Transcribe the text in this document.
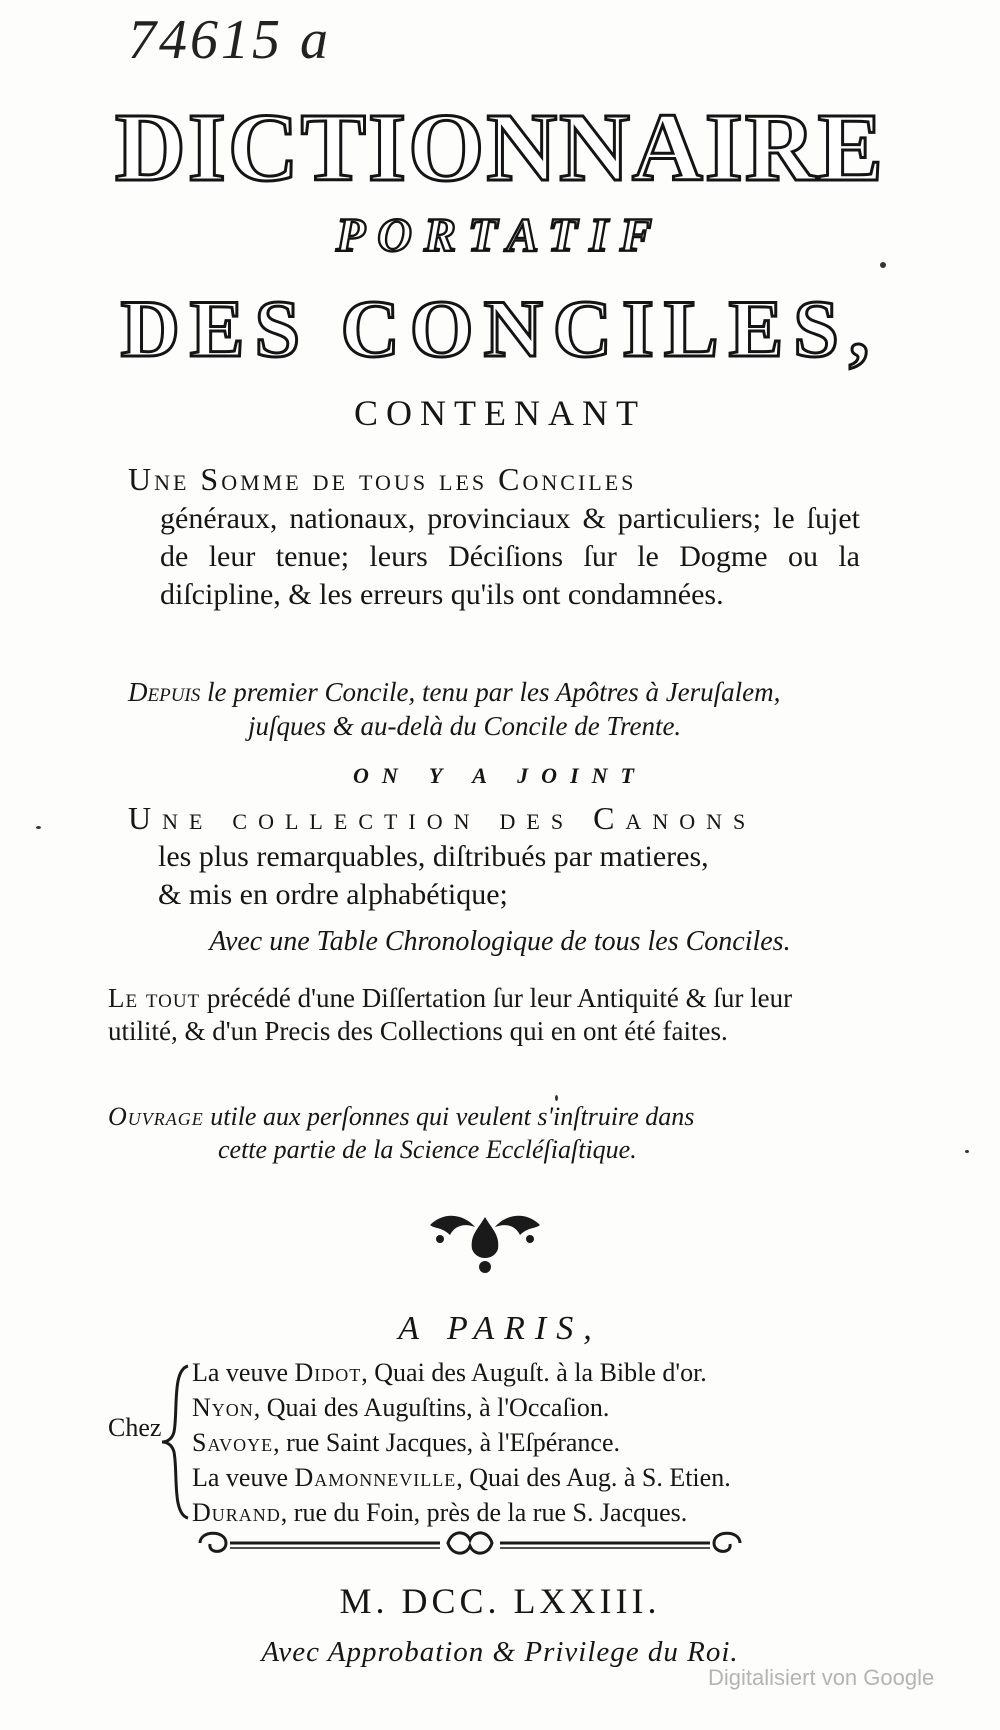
74615 a
DICTIONNAIRE
PORTATIF
DES CONCILES,
CONTENANT
Une Somme de tous les Conciles
généraux, nationaux, provinciaux & particuliers; le ſujet de leur tenue; leurs Déciſions ſur le Dogme ou la diſcipline, & les erreurs qu'ils ont condamnées.
Depuis le premier Concile, tenu par les Apôtres à Jeruſalem,
juſques & au-delà du Concile de Trente.
ON Y A JOINT
Une collection des Canons
les plus remarquables, diſtribués par matieres,
& mis en ordre alphabétique;
Avec une Table Chronologique de tous les Conciles.
Le tout précédé d'une Diſſertation ſur leur Antiquité & ſur leur utilité, & d'un Precis des Collections qui en ont été faites.
Ouvrage utile aux perſonnes qui veulent s'inſtruire dans
cette partie de la Science Eccléſiaſtique.
A PARIS,
Chez
La veuve Didot, Quai des Auguſt. à la Bible d'or.
Nyon, Quai des Auguſtins, à l'Occaſion.
Savoye, rue Saint Jacques, à l'Eſpérance.
La veuve Damonneville, Quai des Aug. à S. Etien.
Durand, rue du Foin, près de la rue S. Jacques.
M. DCC. LXXIII.
Avec Approbation & Privilege du Roi.
Digitalisiert von Google
